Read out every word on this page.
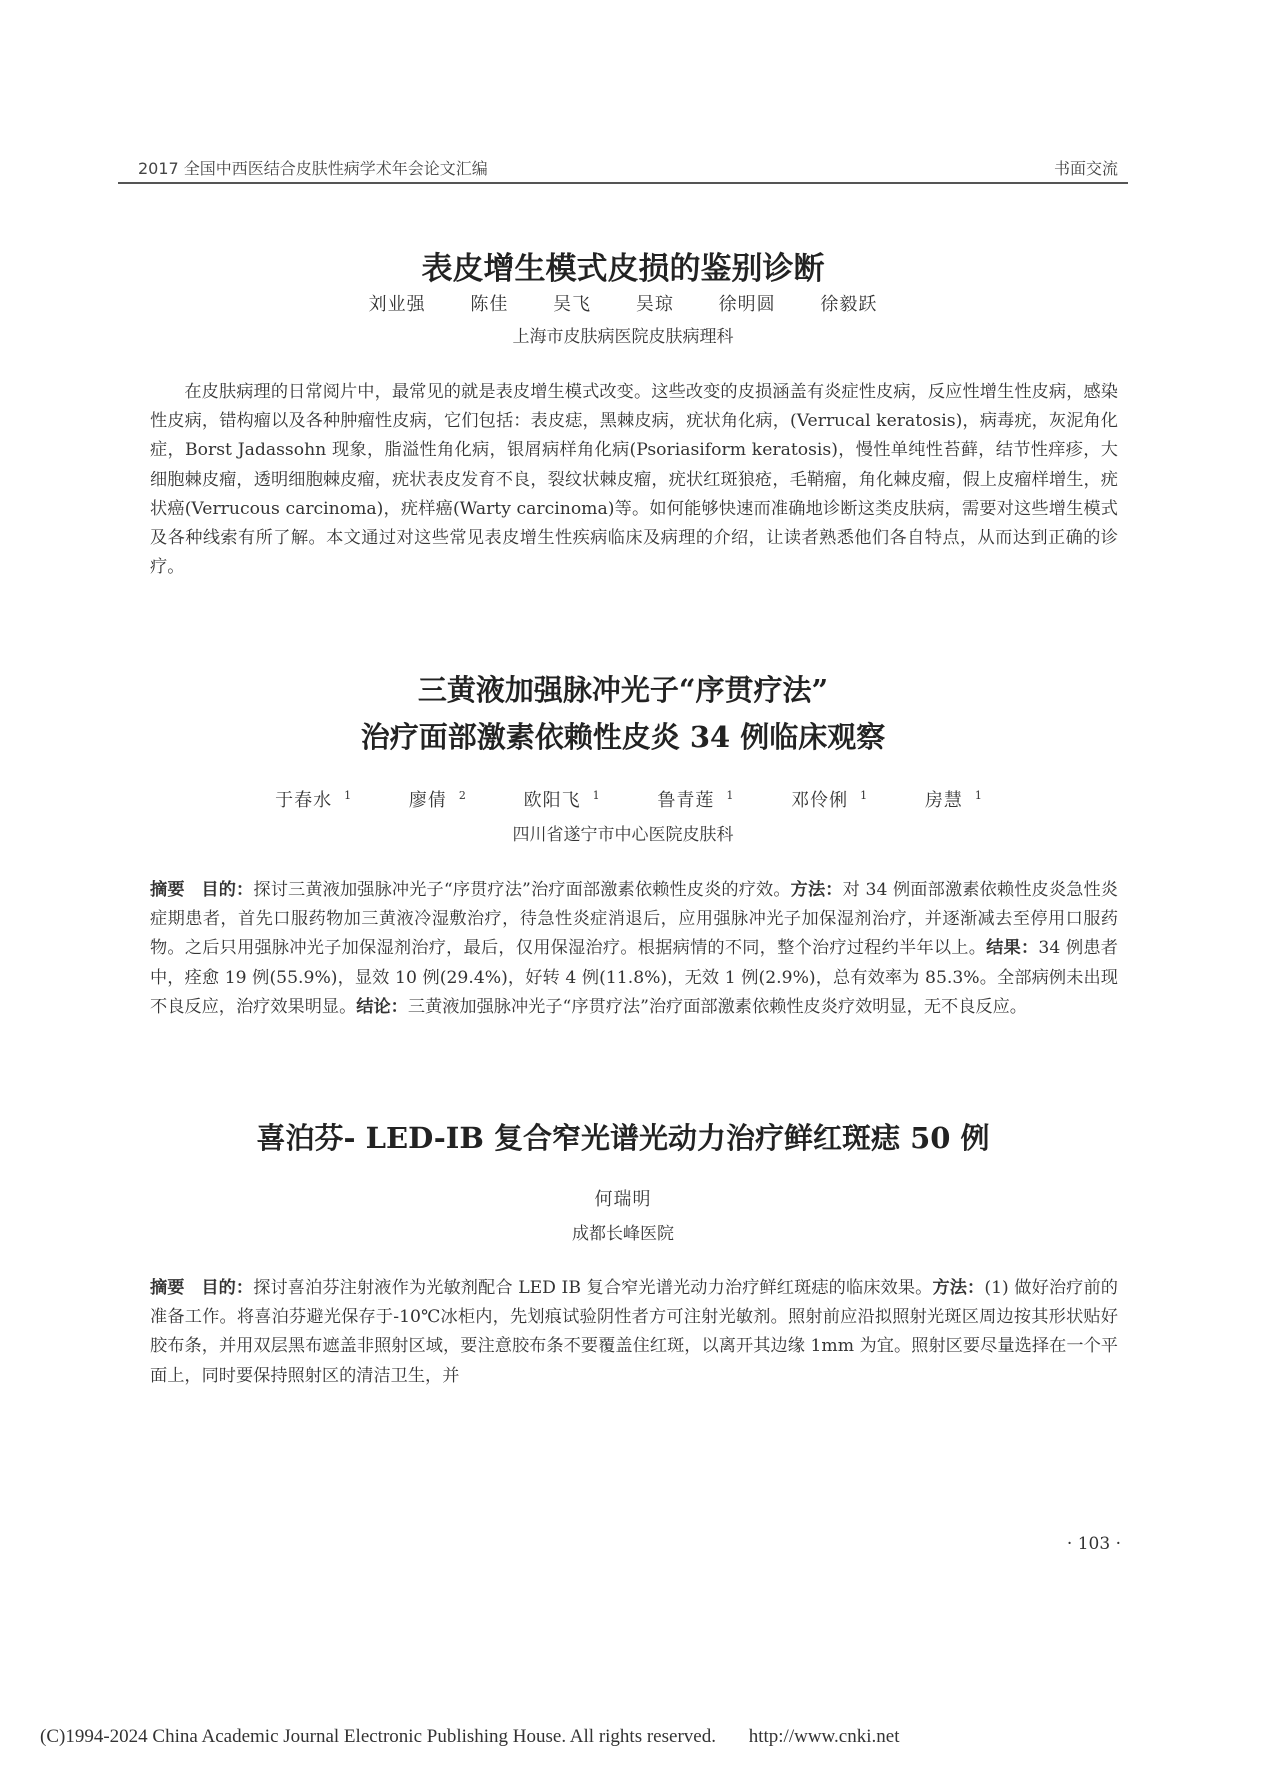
2017 全国中西医结合皮肤性病学术年会论文汇编	书面交流
表皮增生模式皮损的鉴别诊断
刘业强 陈佳 吴飞 吴琼 徐明圆 徐毅跃
上海市皮肤病医院皮肤病理科

在皮肤病理的日常阅片中，最常见的就是表皮增生模式改变。这些改变的皮损涵盖有炎症性皮病，反应性增生性皮病，感染性皮病，错构瘤以及各种肿瘤性皮病，它们包括：表皮痣，黑棘皮病，疣状角化病，(Verrucal keratosis)，病毒疣，灰泥角化症，Borst Jadassohn 现象，脂溢性角化病，银屑病样角化病(Psoriasiform keratosis)，慢性单纯性苔藓，结节性痒疹，大细胞棘皮瘤，透明细胞棘皮瘤，疣状表皮发育不良，裂纹状棘皮瘤，疣状红斑狼疮，毛鞘瘤，角化棘皮瘤，假上皮瘤样增生，疣状癌(Verrucous carcinoma)，疣样癌(Warty carcinoma)等。如何能够快速而准确地诊断这类皮肤病，需要对这些增生模式及各种线索有所了解。本文通过对这些常见表皮增生性疾病临床及病理的介绍，让读者熟悉他们各自特点，从而达到正确的诊疗。

三黄液加强脉冲光子“序贯疗法”
治疗面部激素依赖性皮炎 34 例临床观察
于春水 $^1$	廖倩 $^2$	欧阳飞 $^1$	鲁青莲 $^1$	邓伶俐 $^1$	房慧 $^1$
四川省遂宁市中心医院皮肤科

摘要 目的：探讨三黄液加强脉冲光子“序贯疗法”治疗面部激素依赖性皮炎的疗效。方法：对 34 例面部激素依赖性皮炎急性炎症期患者，首先口服药物加三黄液冷湿敷治疗，待急性炎症消退后，应用强脉冲光子加保湿剂治疗，并逐渐减去至停用口服药物。之后只用强脉冲光子加保湿剂治疗，最后，仅用保湿治疗。根据病情的不同，整个治疗过程约半年以上。结果：34 例患者中，痊愈 19 例(55.9%)，显效 10 例(29.4%)，好转 4 例(11.8%)，无效 1 例(2.9%)，总有效率为 85.3%。全部病例未出现不良反应，治疗效果明显。结论：三黄液加强脉冲光子“序贯疗法”治疗面部激素依赖性皮炎疗效明显，无不良反应。

喜泊芬- LED-IB 复合窄光谱光动力治疗鲜红斑痣 50 例
何瑞明
成都长峰医院

摘要 目的：探讨喜泊芬注射液作为光敏剂配合 LED IB 复合窄光谱光动力治疗鲜红斑痣的临床效果。方法：(1) 做好治疗前的准备工作。将喜泊芬避光保存于-10℃冰柜内，先划痕试验阴性者方可注射光敏剂。照射前应沿拟照射光斑区周边按其形状贴好胶布条，并用双层黑布遮盖非照射区域，要注意胶布条不要覆盖住红斑，以离开其边缘 1mm 为宜。照射区要尽量选择在一个平面上，同时要保持照射区的清洁卫生，并

· 103 ·
(C)1994-2024 China Academic Journal Electronic Publishing House. All rights reserved. http://www.cnki.net
